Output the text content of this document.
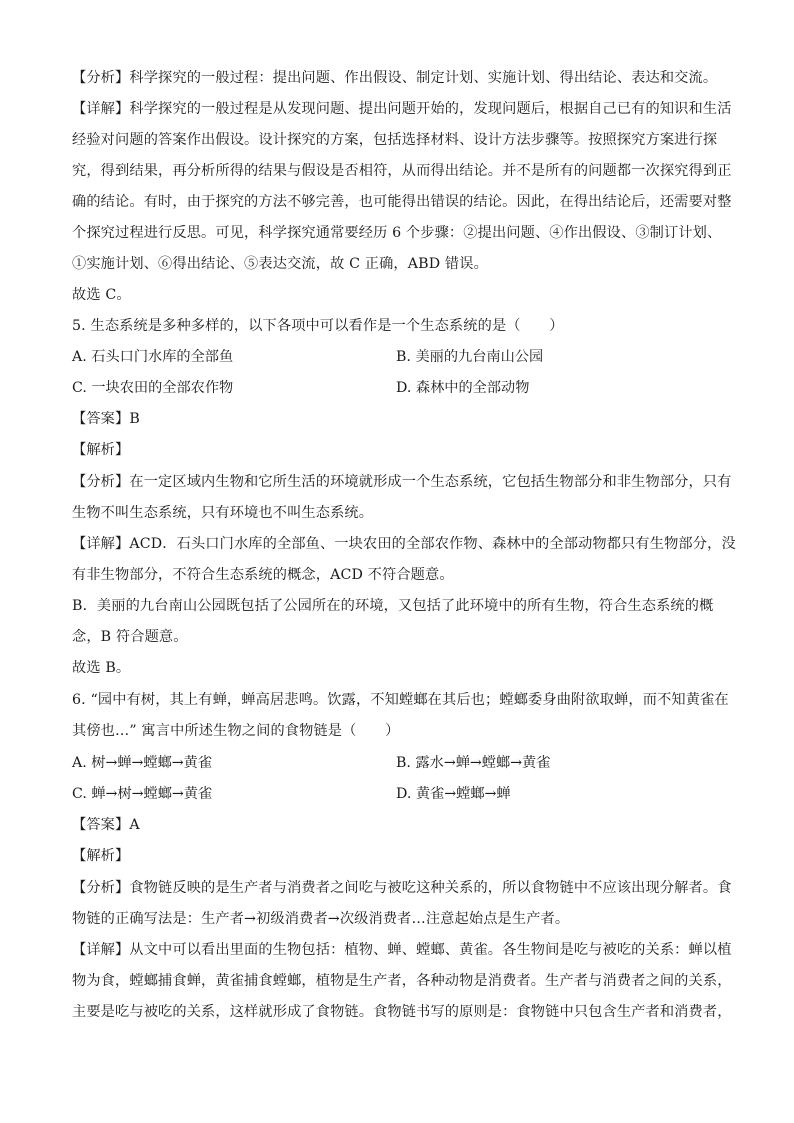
【分析】科学探究的一般过程：提出问题、作出假设、制定计划、实施计划、得出结论、表达和交流。
【详解】科学探究的一般过程是从发现问题、提出问题开始的，发现问题后，根据自己已有的知识和生活
经验对问题的答案作出假设。设计探究的方案，包括选择材料、设计方法步骤等。按照探究方案进行探
究，得到结果，再分析所得的结果与假设是否相符，从而得出结论。并不是所有的问题都一次探究得到正
确的结论。有时，由于探究的方法不够完善，也可能得出错误的结论。因此，在得出结论后，还需要对整
个探究过程进行反思。可见，科学探究通常要经历 6 个步骤：②提出问题、④作出假设、③制订计划、
①实施计划、⑥得出结论、⑤表达交流，故 C 正确，ABD 错误。
故选 C。
5. 生态系统是多种多样的，以下各项中可以看作是一个生态系统的是（　　）
A. 石头口门水库的全部鱼	B. 美丽的九台南山公园
C. 一块农田的全部农作物	D. 森林中的全部动物
【答案】B
【解析】
【分析】在一定区域内生物和它所生活的环境就形成一个生态系统，它包括生物部分和非生物部分，只有
生物不叫生态系统，只有环境也不叫生态系统。
【详解】ACD．石头口门水库的全部鱼、一块农田的全部农作物、森林中的全部动物都只有生物部分，没
有非生物部分，不符合生态系统的概念，ACD 不符合题意。
B．美丽的九台南山公园既包括了公园所在的环境，又包括了此环境中的所有生物，符合生态系统的概
念，B 符合题意。
故选 B。
6. “园中有树，其上有蝉，蝉高居悲鸣。饮露，不知螳螂在其后也；螳螂委身曲附欲取蝉，而不知黄雀在
其傍也…” 寓言中所述生物之间的食物链是（　　）
A. 树→蝉→螳螂→黄雀	B. 露水→蝉→螳螂→黄雀
C. 蝉→树→螳螂→黄雀	D. 黄雀→螳螂→蝉
【答案】A
【解析】
【分析】食物链反映的是生产者与消费者之间吃与被吃这种关系的，所以食物链中不应该出现分解者。食
物链的正确写法是：生产者→初级消费者→次级消费者…注意起始点是生产者。
【详解】从文中可以看出里面的生物包括：植物、蝉、螳螂、黄雀。各生物间是吃与被吃的关系：蝉以植
物为食，螳螂捕食蝉，黄雀捕食螳螂，植物是生产者，各种动物是消费者。生产者与消费者之间的关系，
主要是吃与被吃的关系，这样就形成了食物链。食物链书写的原则是：食物链中只包含生产者和消费者，
